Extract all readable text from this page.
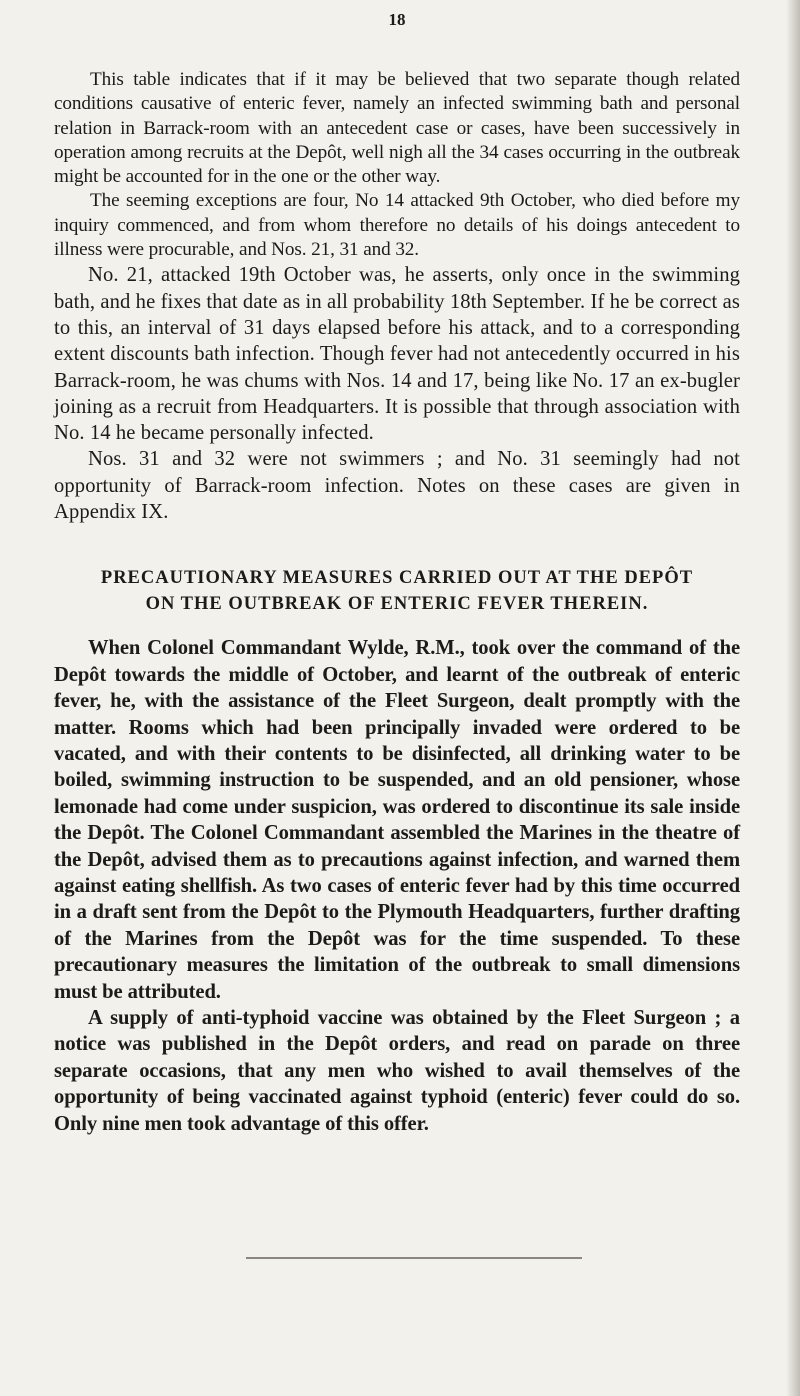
18

This table indicates that if it may be believed that two separate though related conditions causative of enteric fever, namely an infected swimming bath and personal relation in Barrack-room with an antecedent case or cases, have been successively in operation among recruits at the Depôt, well nigh all the 34 cases occurring in the outbreak might be accounted for in the one or the other way.

The seeming exceptions are four, No 14 attacked 9th October, who died before my inquiry commenced, and from whom therefore no details of his doings antecedent to illness were procurable, and Nos. 21, 31 and 32.

No. 21, attacked 19th October was, he asserts, only once in the swimming bath, and he fixes that date as in all probability 18th September. If he be correct as to this, an interval of 31 days elapsed before his attack, and to a corresponding extent discounts bath infection. Though fever had not antecedently occurred in his Barrack-room, he was chums with Nos. 14 and 17, being like No. 17 an ex-bugler joining as a recruit from Headquarters. It is possible that through association with No. 14 he became personally infected.

Nos. 31 and 32 were not swimmers ; and No. 31 seemingly had not opportunity of Barrack-room infection. Notes on these cases are given in Appendix IX.

PRECAUTIONARY MEASURES CARRIED OUT AT THE DEPÔT
ON THE OUTBREAK OF ENTERIC FEVER THEREIN.

When Colonel Commandant Wylde, R.M., took over the command of the Depôt towards the middle of October, and learnt of the outbreak of enteric fever, he, with the assistance of the Fleet Surgeon, dealt promptly with the matter. Rooms which had been principally invaded were ordered to be vacated, and with their contents to be disinfected, all drinking water to be boiled, swimming instruction to be suspended, and an old pensioner, whose lemonade had come under suspicion, was ordered to discontinue its sale inside the Depôt. The Colonel Commandant assembled the Marines in the theatre of the Depôt, advised them as to precautions against infection, and warned them against eating shellfish. As two cases of enteric fever had by this time occurred in a draft sent from the Depôt to the Plymouth Headquarters, further drafting of the Marines from the Depôt was for the time suspended. To these precautionary measures the limitation of the outbreak to small dimensions must be attributed.

A supply of anti-typhoid vaccine was obtained by the Fleet Surgeon ; a notice was published in the Depôt orders, and read on parade on three separate occasions, that any men who wished to avail themselves of the opportunity of being vaccinated against typhoid (enteric) fever could do so. Only nine men took advantage of this offer.
